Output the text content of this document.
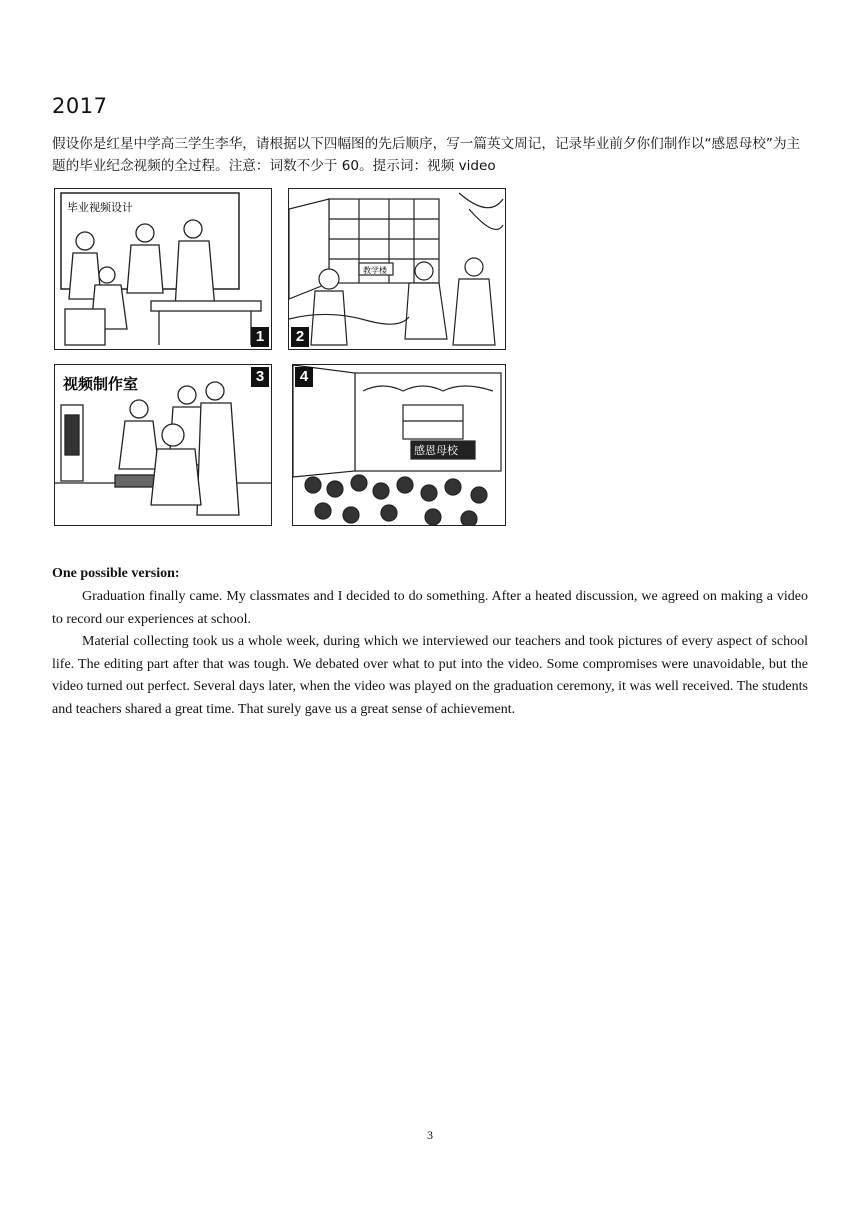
2017
假设你是红星中学高三学生李华，请根据以下四幅图的先后顺序，写一篇英文周记，记录毕业前夕你们制作以“感恩母校”为主题的毕业纪念视频的全过程。注意：词数不少于 60。提示词：视频 video
毕业视频设计
1
教学楼
2
视频制作室	3
感恩母校
4
One possible version:

Graduation finally came. My classmates and I decided to do something. After a heated discussion, we agreed on making a video to record our experiences at school.

Material collecting took us a whole week, during which we interviewed our teachers and took pictures of every aspect of school life. The editing part after that was tough. We debated over what to put into the video. Some compromises were unavoidable, but the video turned out perfect. Several days later, when the video was played on the graduation ceremony, it was well received. The students and teachers shared a great time. That surely gave us a great sense of achievement.

3
